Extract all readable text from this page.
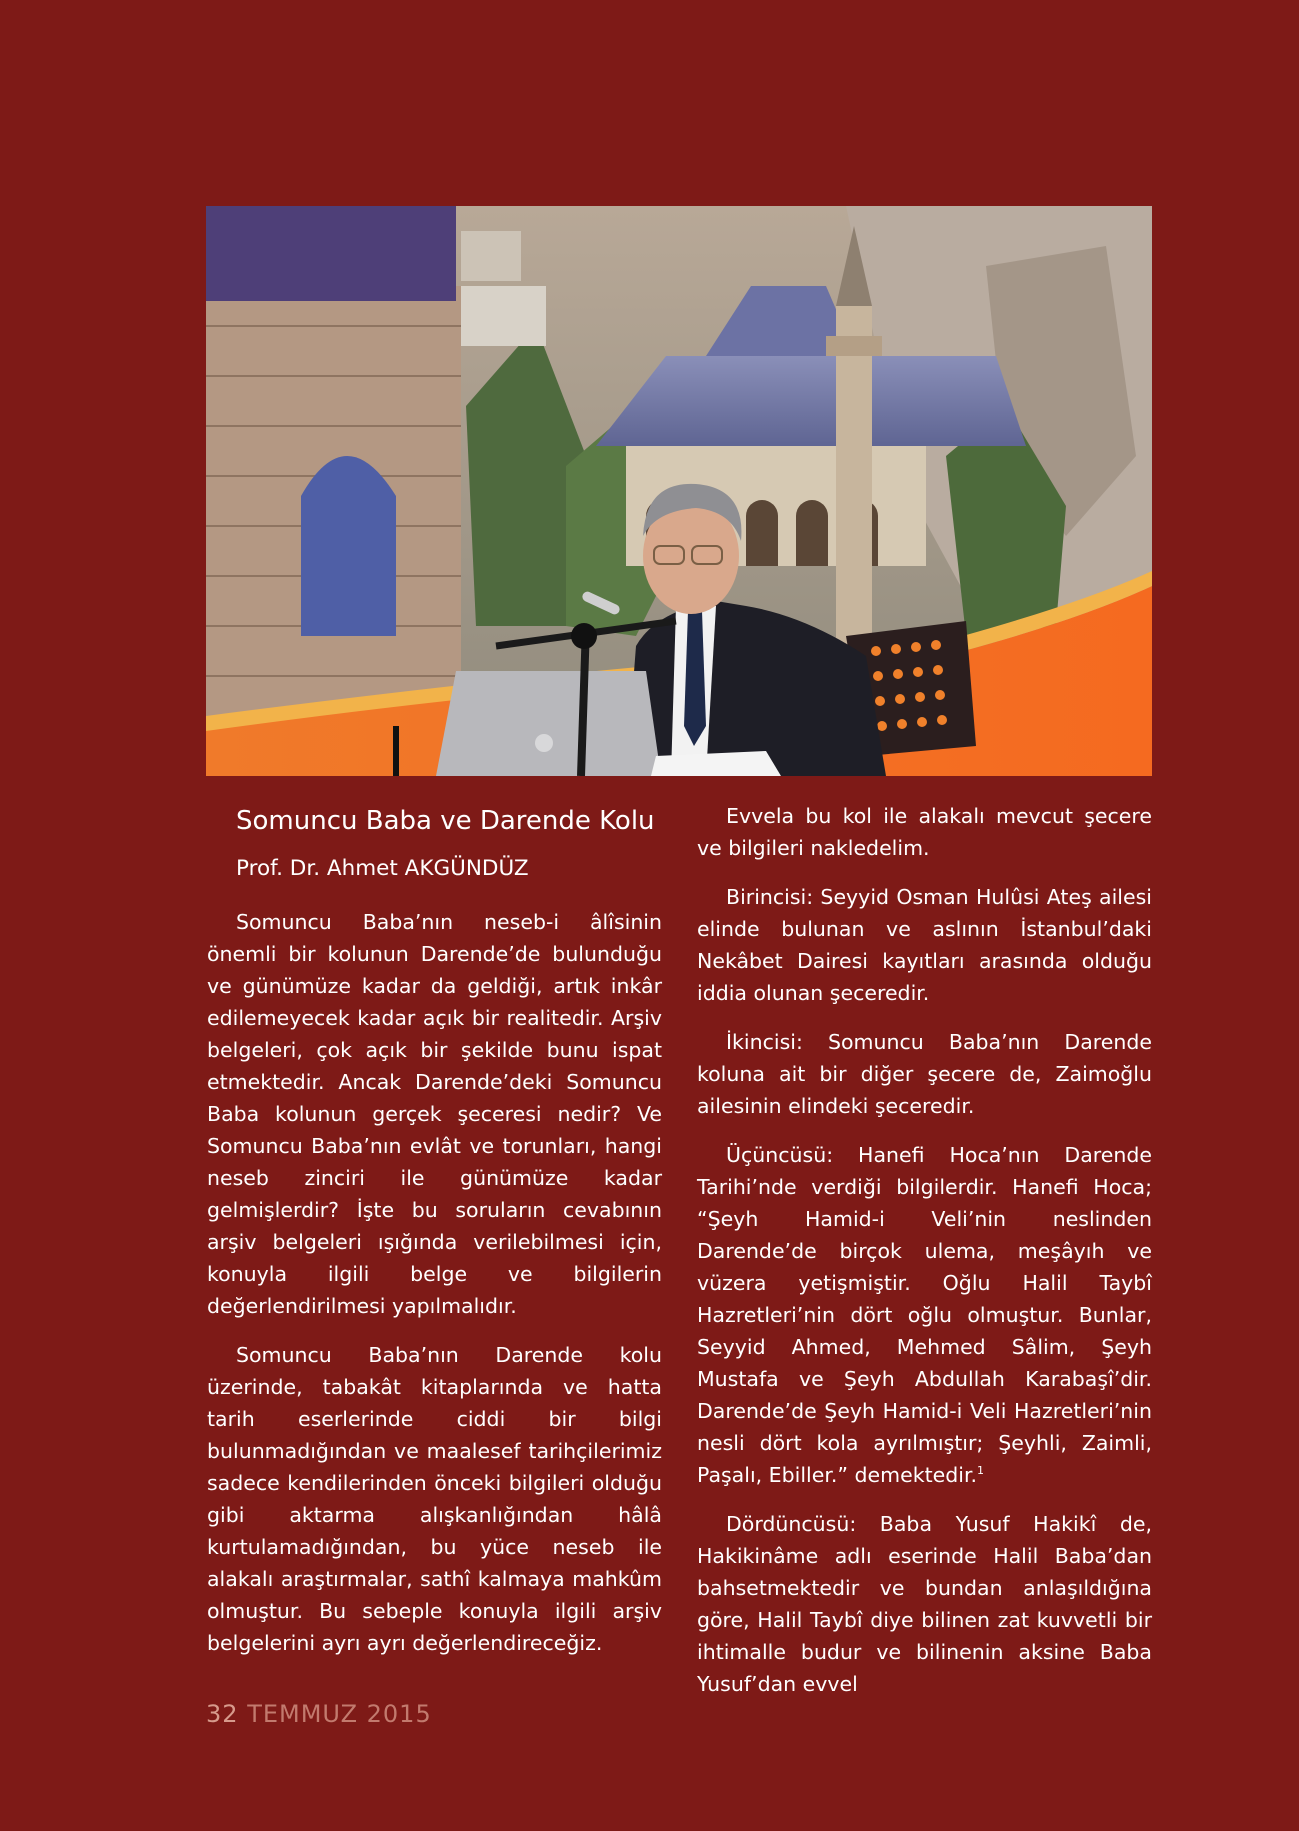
Somuncu Baba ve Darende Kolu
Prof. Dr. Ahmet AKGÜNDÜZ

Somuncu Baba’nın neseb-i âlîsinin önemli bir kolunun Darende’de bulunduğu ve günümüze kadar da geldiği, artık inkâr edilemeyecek kadar açık bir realitedir. Arşiv belgeleri, çok açık bir şekilde bunu ispat etmektedir. Ancak Darende’deki Somuncu Baba kolunun gerçek şeceresi nedir? Ve Somuncu Baba’nın evlât ve torunları, hangi neseb zinciri ile günümüze kadar gelmişlerdir? İşte bu soruların cevabının arşiv belgeleri ışığında verilebilmesi için, konuyla ilgili belge ve bilgilerin değerlendirilmesi yapılmalıdır.

Somuncu Baba’nın Darende kolu üzerinde, tabakât kitaplarında ve hatta tarih eserlerinde ciddi bir bilgi bulunmadığından ve maalesef tarihçilerimiz sadece kendilerinden önceki bilgileri olduğu gibi aktarma alışkanlığından hâlâ kurtulamadığından, bu yüce neseb ile alakalı araştırmalar, sathî kalmaya mahkûm olmuştur. Bu sebeple konuyla ilgili arşiv belgelerini ayrı ayrı değerlendireceğiz.

Evvela bu kol ile alakalı mevcut şecere ve bilgileri nakledelim.

Birincisi: Seyyid Osman Hulûsi Ateş ailesi elinde bulunan ve aslının İstanbul’daki Nekâbet Dairesi kayıtları arasında olduğu iddia olunan şeceredir.

İkincisi: Somuncu Baba’nın Darende koluna ait bir diğer şecere de, Zaimoğlu ailesinin elindeki şeceredir.

Üçüncüsü: Hanefi Hoca’nın Darende Tarihi’nde verdiği bilgilerdir. Hanefi Hoca; “Şeyh Hamid-i Veli’nin neslinden Darende’de birçok ulema, meşâyıh ve vüzera yetişmiştir. Oğlu Halil Taybî Hazretleri’nin dört oğlu olmuştur. Bunlar, Seyyid Ahmed, Mehmed Sâlim, Şeyh Mustafa ve Şeyh Abdullah Karabaşî’dir. Darende’de Şeyh Hamid-i Veli Hazretleri’nin nesli dört kola ayrılmıştır; Şeyhli, Zaimli, Paşalı, Ebiller.” demektedir.$^1$

Dördüncüsü: Baba Yusuf Hakikî de, Hakikinâme adlı eserinde Halil Baba’dan bahsetmektedir ve bundan anlaşıldığına göre, Halil Taybî diye bilinen zat kuvvetli bir ihtimalle budur ve bilinenin aksine Baba Yusuf’dan evvel

32 TEMMUZ 2015
